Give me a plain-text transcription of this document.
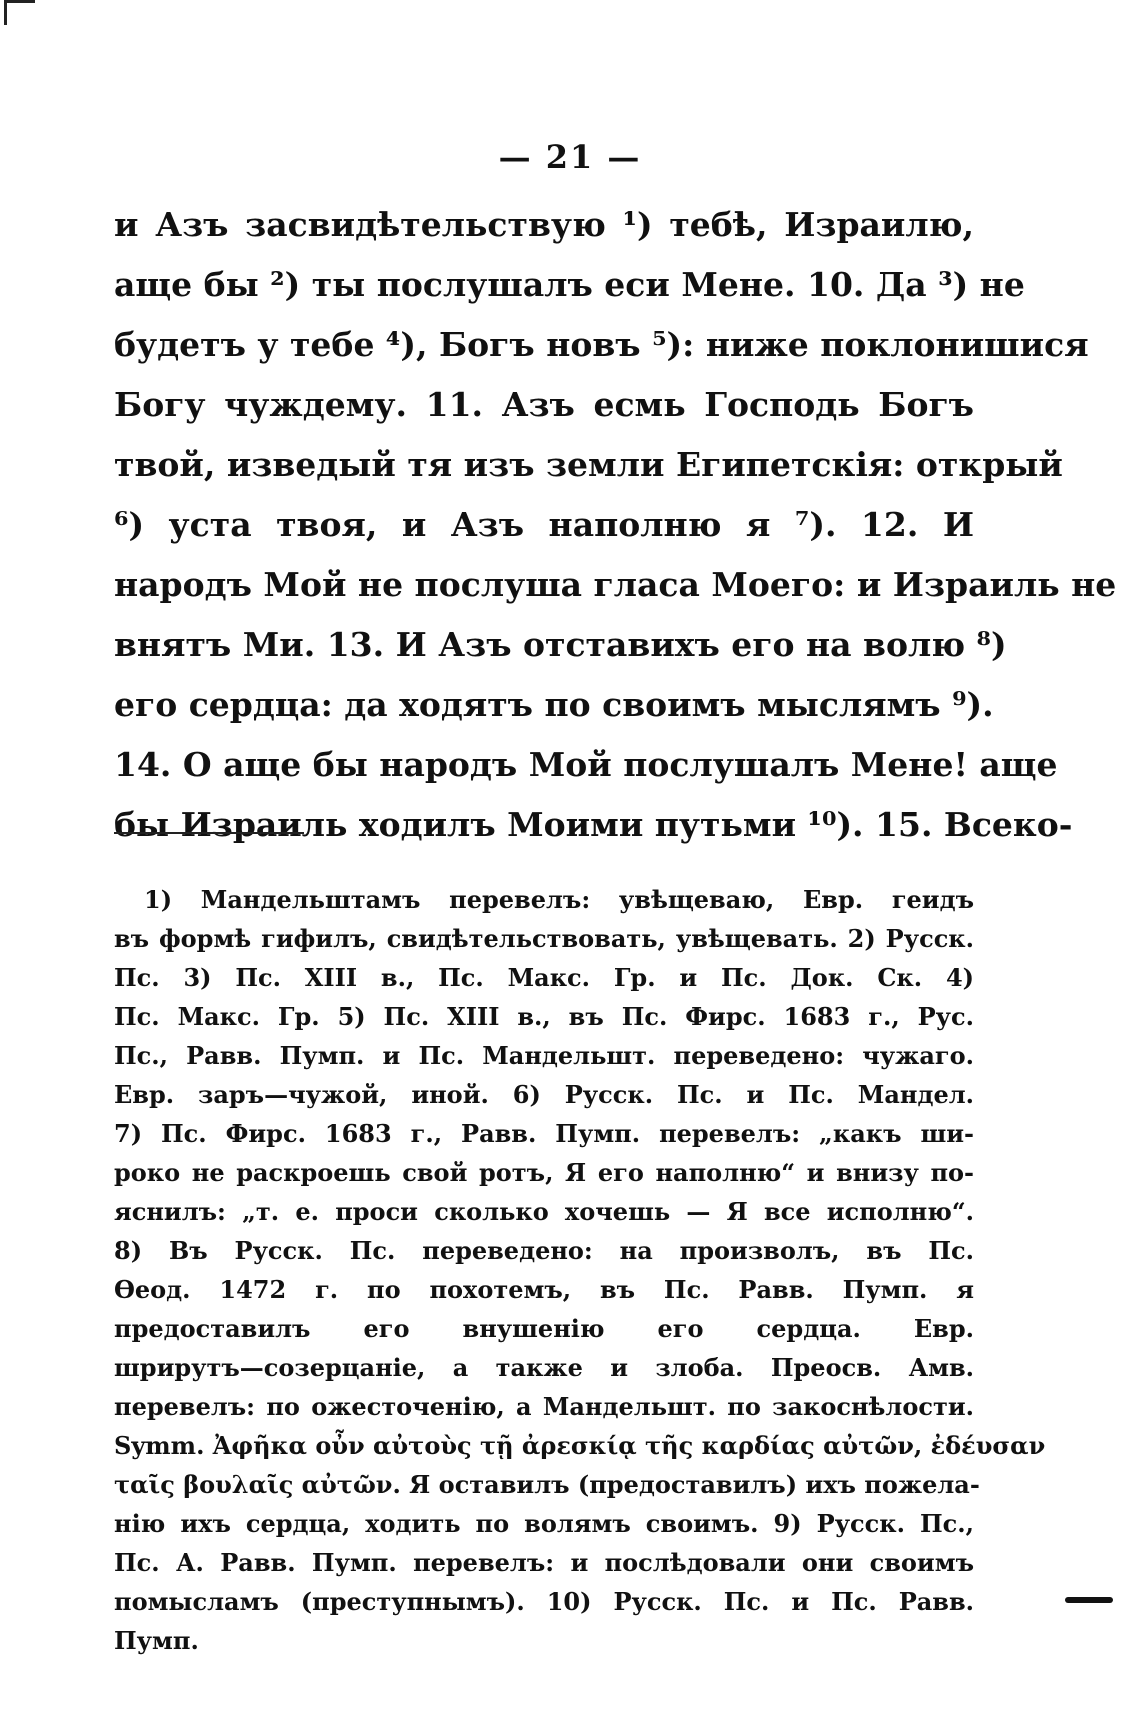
— 21 —
и Азъ засвидѣтельствую ¹) тебѣ, Израилю,
аще бы ²) ты послушалъ еси Мене. 10. Да ³) не
будетъ у тебе ⁴), Богъ новъ ⁵): ниже поклонишися
Богу чуждему. 11. Азъ есмь Господь Богъ
твой, изведый тя изъ земли Египетскія: открый
⁶) уста твоя, и Азъ наполню я ⁷). 12. И
народъ Мой не послуша гласа Моего: и Израиль не
внятъ Ми. 13. И Азъ отставихъ его на волю ⁸)
его сердца: да ходятъ по своимъ мыслямъ ⁹).
14. О аще бы народъ Мой послушалъ Мене! аще
бы Израиль ходилъ Моими путьми ¹⁰). 15. Всеко-
1) Мандельштамъ перевелъ: увѣщеваю, Евр. геидъ
въ формѣ гифилъ, свидѣтельствовать, увѣщевать. 2) Русск.
Пс. 3) Пс. XIII в., Пс. Макс. Гр. и Пс. Док. Ск. 4)
Пс. Макс. Гр. 5) Пс. XIII в., въ Пс. Фирс. 1683 г., Рус.
Пс., Равв. Пумп. и Пс. Мандельшт. переведено: чужаго.
Евр. заръ—чужой, иной. 6) Русск. Пс. и Пс. Мандел.
7) Пс. Фирс. 1683 г., Равв. Пумп. перевелъ: „какъ ши-
роко не раскроешь свой ротъ, Я его наполню“ и внизу по-
яснилъ: „т. е. проси сколько хочешь — Я все исполню“.
8) Въ Русск. Пс. переведено: на произволъ, въ Пс.
Өеод. 1472 г. по похотемъ, въ Пс. Равв. Пумп. я
предоставилъ его внушенію его сердца. Евр.
шрирутъ—созерцаніе, а также и злоба. Преосв. Амв.
перевелъ: по ожесточенію, а Мандельшт. по закоснѣлости.
Symm. Ἀφῆκα οὖν αὐτοὺς τῇ ἀρεσκίᾳ τῆς καρδίας αὐτῶν, ἐδέυσαν
ταῖς βουλαῖς αὐτῶν. Я оставилъ (предоставилъ) ихъ пожела-
нію ихъ сердца, ходить по волямъ своимъ. 9) Русск. Пс.,
Пс. А. Равв. Пумп. перевелъ: и послѣдовали они своимъ
помысламъ (преступнымъ). 10) Русск. Пс. и Пс. Равв.
Пумп.
